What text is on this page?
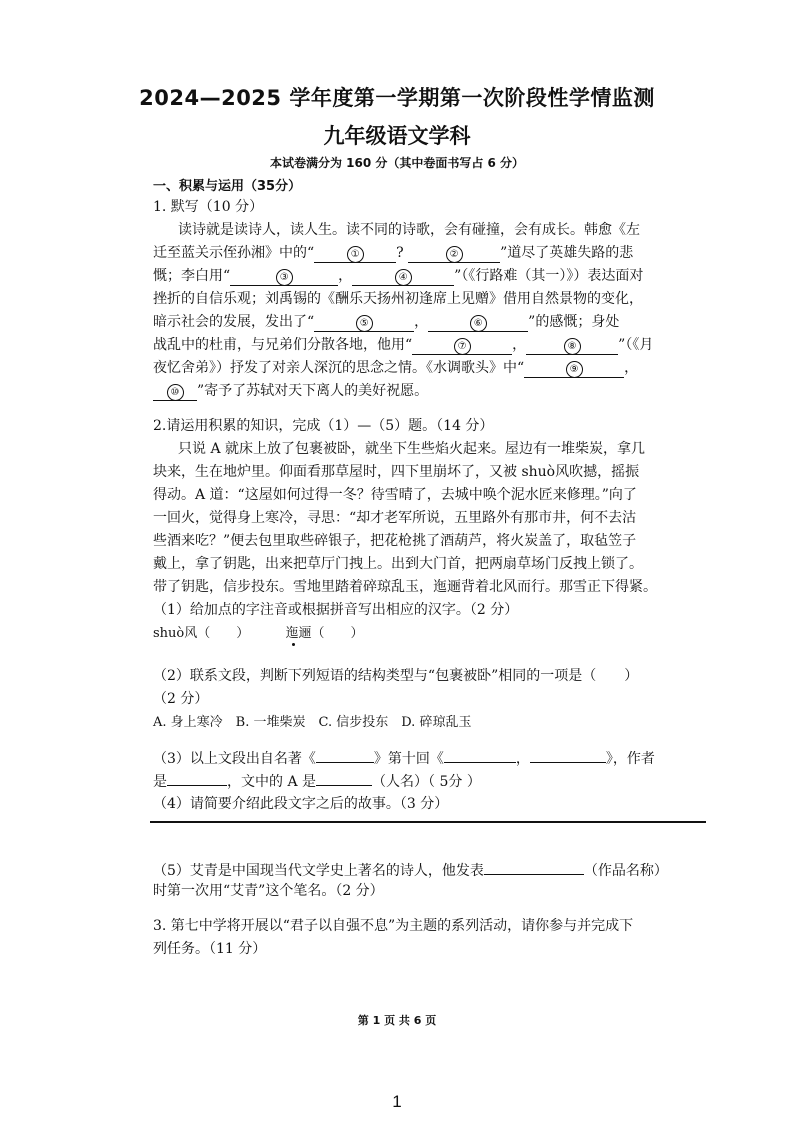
2024—2025 学年度第一学期第一次阶段性学情监测
九年级语文学科
本试卷满分为 160 分（其中卷面书写占 6 分）
一、积累与运用（35分）
1. 默写（10 分）
读诗就是读诗人，读人生。读不同的诗歌，会有碰撞，会有成长。韩愈《左
迁至蓝关示侄孙湘》中的“	①	?	②	”道尽了英雄失路的悲
慨；李白用“	③	，	④	”（《行路难（其一）》）表达面对
挫折的自信乐观；刘禹锡的《酬乐天扬州初逢席上见赠》借用自然景物的变化，
暗示社会的发展，发出了“	⑤	，	⑥	”的感慨；身处
战乱中的杜甫，与兄弟们分散各地，他用“	⑦	，	⑧	”（《月
夜忆舍弟》）抒发了对亲人深沉的思念之情。《水调歌头》中“	⑨	，
⑩ ”寄予了苏轼对天下离人的美好祝愿。
2.请运用积累的知识，完成（1）—（5）题。（14 分）
只说 A 就床上放了包裹被卧，就坐下生些焰火起来。屋边有一堆柴炭，拿几
块来，生在地炉里。仰面看那草屋时，四下里崩坏了，又被 shuò风吹撼，摇振
得动。A 道：“这屋如何过得一冬？待雪晴了，去城中唤个泥水匠来修理。”向了
一回火，觉得身上寒冷，寻思：“却才老军所说，五里路外有那市井，何不去沽
些酒来吃？”便去包里取些碎银子，把花枪挑了酒葫芦，将火炭盖了，取毡笠子
戴上，拿了钥匙，出来把草厅门拽上。出到大门首，把两扇草场门反拽上锁了。
带了钥匙，信步投东。雪地里踏着碎琼乱玉，迤逦背着北风而行。那雪正下得紧。
（1）给加点的字注音或根据拼音写出相应的汉字。（2 分）
shuò风（　　）	迤逦（　　）
（2）联系文段，判断下列短语的结构类型与“包裹被卧”相同的一项是（　　）
（2 分）
A. 身上寒冷　B. 一堆柴炭　C. 信步投东　D. 碎琼乱玉
（3）以上文段出自名著《	》第十回《	，	》，作者
是	，文中的 A 是	（人名）（ 5分 ）
（4）请简要介绍此段文字之后的故事。（3 分）
（5）艾青是中国现当代文学史上著名的诗人，他发表	（作品名称）
时第一次用“艾青”这个笔名。（2 分）
3. 第七中学将开展以“君子以自强不息”为主题的系列活动，请你参与并完成下
列任务。（11 分）
第 1 页 共 6 页
1
